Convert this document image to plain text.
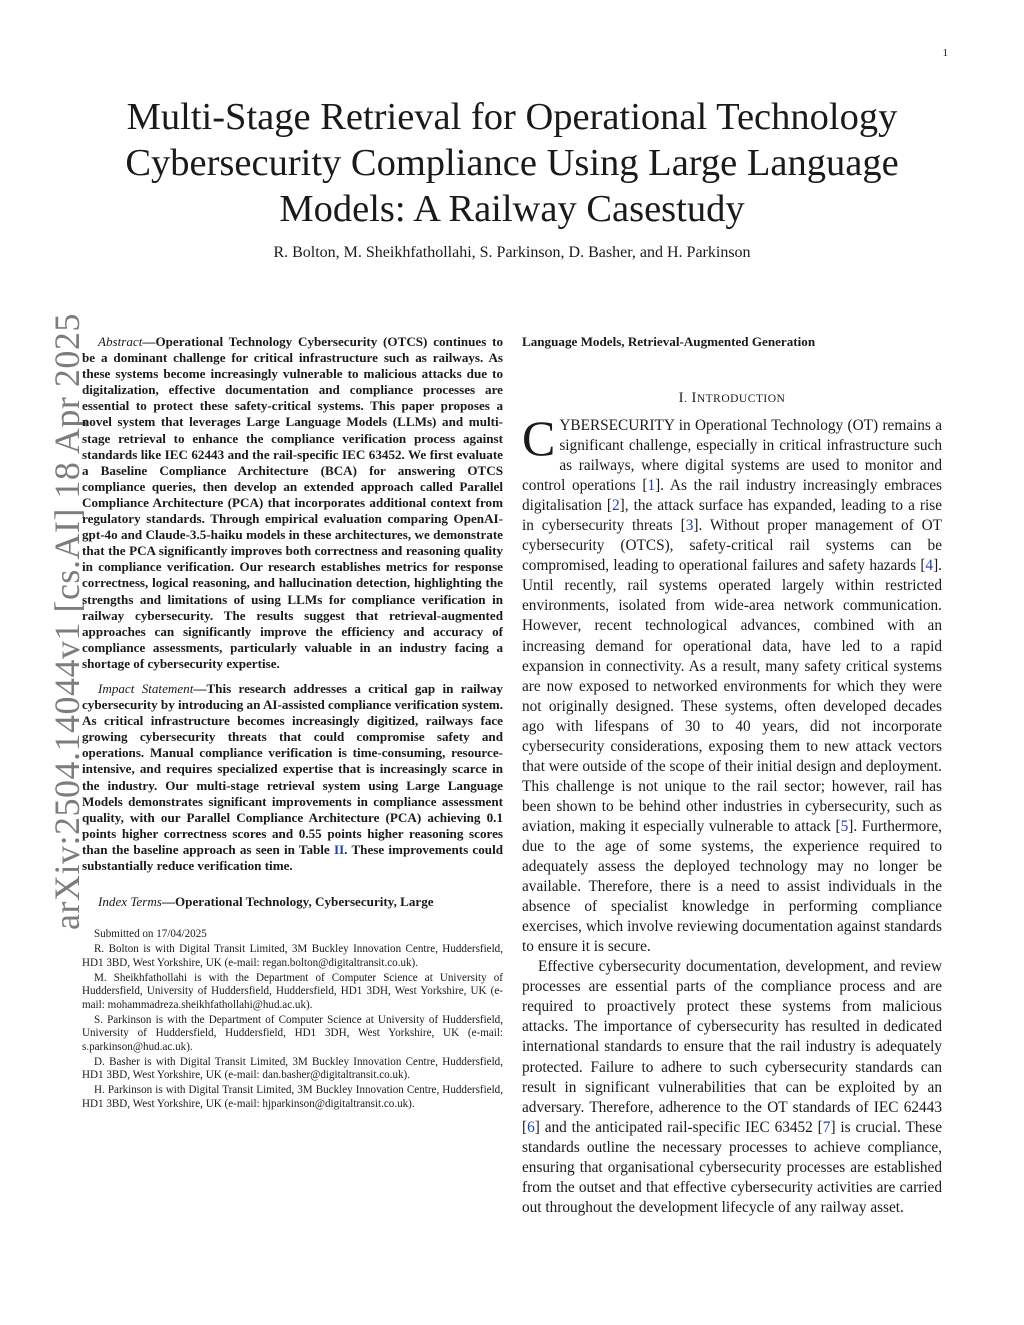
1
arXiv:2504.14044v1 [cs.AI] 18 Apr 2025
Multi-Stage Retrieval for Operational Technology Cybersecurity Compliance Using Large Language Models: A Railway Casestudy
R. Bolton, M. Sheikhfathollahi, S. Parkinson, D. Basher, and H. Parkinson

Abstract—Operational Technology Cybersecurity (OTCS) continues to be a dominant challenge for critical infrastructure such as railways. As these systems become increasingly vulnerable to malicious attacks due to digitalization, effective documentation and compliance processes are essential to protect these safety-critical systems. This paper proposes a novel system that leverages Large Language Models (LLMs) and multi-stage retrieval to enhance the compliance verification process against standards like IEC 62443 and the rail-specific IEC 63452. We first evaluate a Baseline Compliance Architecture (BCA) for answering OTCS compliance queries, then develop an extended approach called Parallel Compliance Architecture (PCA) that incorporates additional context from regulatory standards. Through empirical evaluation comparing OpenAI-gpt-4o and Claude-3.5-haiku models in these architectures, we demonstrate that the PCA significantly improves both correctness and reasoning quality in compliance verification. Our research establishes metrics for response correctness, logical reasoning, and hallucination detection, highlighting the strengths and limitations of using LLMs for compliance verification in railway cybersecurity. The results suggest that retrieval-augmented approaches can significantly improve the efficiency and accuracy of compliance assessments, particularly valuable in an industry facing a shortage of cybersecurity expertise.

Impact Statement—This research addresses a critical gap in railway cybersecurity by introducing an AI-assisted compliance verification system. As critical infrastructure becomes increasingly digitized, railways face growing cybersecurity threats that could compromise safety and operations. Manual compliance verification is time-consuming, resource-intensive, and requires specialized expertise that is increasingly scarce in the industry. Our multi-stage retrieval system using Large Language Models demonstrates significant improvements in compliance assessment quality, with our Parallel Compliance Architecture (PCA) achieving 0.1 points higher correctness scores and 0.55 points higher reasoning scores than the baseline approach as seen in Table II. These improvements could substantially reduce verification time.

Index Terms—Operational Technology, Cybersecurity, Large

Submitted on 17/04/2025

R. Bolton is with Digital Transit Limited, 3M Buckley Innovation Centre, Huddersfield, HD1 3BD, West Yorkshire, UK (e-mail: regan.bolton@digitaltransit.co.uk).

M. Sheikhfathollahi is with the Department of Computer Science at University of Huddersfield, University of Huddersfield, Huddersfield, HD1 3DH, West Yorkshire, UK (e-mail: mohammadreza.sheikhfathollahi@hud.ac.uk).

S. Parkinson is with the Department of Computer Science at University of Huddersfield, University of Huddersfield, Huddersfield, HD1 3DH, West Yorkshire, UK (e-mail: s.parkinson@hud.ac.uk).

D. Basher is with Digital Transit Limited, 3M Buckley Innovation Centre, Huddersfield, HD1 3BD, West Yorkshire, UK (e-mail: dan.basher@digitaltransit.co.uk).

H. Parkinson is with Digital Transit Limited, 3M Buckley Innovation Centre, Huddersfield, HD1 3BD, West Yorkshire, UK (e-mail: hjparkinson@digitaltransit.co.uk).

Language Models, Retrieval-Augmented Generation

I. INTRODUCTION

CYBERSECURITY in Operational Technology (OT) remains a significant challenge, especially in critical infrastructure such as railways, where digital systems are used to monitor and control operations [1]. As the rail industry increasingly embraces digitalisation [2], the attack surface has expanded, leading to a rise in cybersecurity threats [3]. Without proper management of OT cybersecurity (OTCS), safety-critical rail systems can be compromised, leading to operational failures and safety hazards [4]. Until recently, rail systems operated largely within restricted environments, isolated from wide-area network communication. However, recent technological advances, combined with an increasing demand for operational data, have led to a rapid expansion in connectivity. As a result, many safety critical systems are now exposed to networked environments for which they were not originally designed. These systems, often developed decades ago with lifespans of 30 to 40 years, did not incorporate cybersecurity considerations, exposing them to new attack vectors that were outside of the scope of their initial design and deployment. This challenge is not unique to the rail sector; however, rail has been shown to be behind other industries in cybersecurity, such as aviation, making it especially vulnerable to attack [5]. Furthermore, due to the age of some systems, the experience required to adequately assess the deployed technology may no longer be available. Therefore, there is a need to assist individuals in the absence of specialist knowledge in performing compliance exercises, which involve reviewing documentation against standards to ensure it is secure.

Effective cybersecurity documentation, development, and review processes are essential parts of the compliance process and are required to proactively protect these systems from malicious attacks. The importance of cybersecurity has resulted in dedicated international standards to ensure that the rail industry is adequately protected. Failure to adhere to such cybersecurity standards can result in significant vulnerabilities that can be exploited by an adversary. Therefore, adherence to the OT standards of IEC 62443 [6] and the anticipated rail-specific IEC 63452 [7] is crucial. These standards outline the necessary processes to achieve compliance, ensuring that organisational cybersecurity processes are established from the outset and that effective cybersecurity activities are carried out throughout the development lifecycle of any railway asset.
